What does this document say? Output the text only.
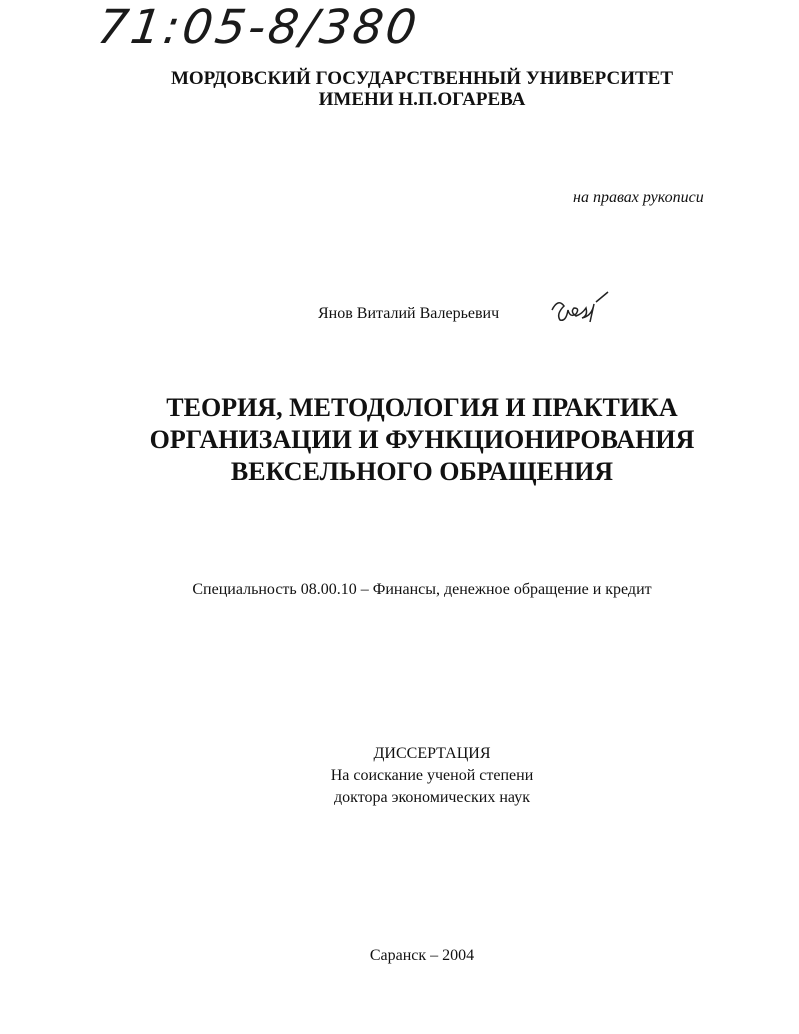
71:05-8/380
МОРДОВСКИЙ ГОСУДАРСТВЕННЫЙ УНИВЕРСИТЕТ
ИМЕНИ Н.П.ОГАРЕВА
на правах рукописи
Янов Виталий Валерьевич
ТЕОРИЯ, МЕТОДОЛОГИЯ И ПРАКТИКА
ОРГАНИЗАЦИИ И ФУНКЦИОНИРОВАНИЯ
ВЕКСЕЛЬНОГО ОБРАЩЕНИЯ
Специальность 08.00.10 – Финансы, денежное обращение и кредит
ДИССЕРТАЦИЯ
На соискание ученой степени
доктора экономических наук
Саранск – 2004
